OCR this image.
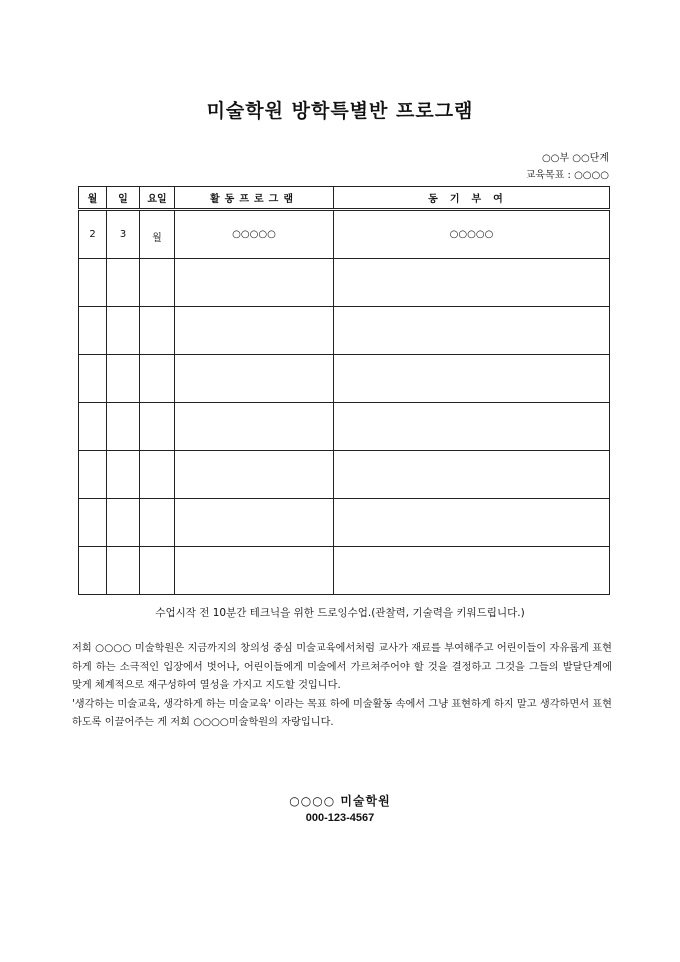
미술학원 방학특별반 프로그램
○○부 ○○단계
교육목표 : ○○○○
월	일	요일	활동프로그램	동기부여
2	3	월	○○○○○	○○○○○

수업시작 전 10분간 테크닉을 위한 드로잉수업.(관찰력, 기술력을 키워드립니다.)

저희 ○○○○ 미술학원은 지금까지의 창의성 중심 미술교육에서처럼 교사가 재료를 부여해주고 어린이들이 자유롭게 표현하게 하는 소극적인 입장에서 벗어나, 어린이들에게 미술에서 가르쳐주어야 할 것을 결정하고 그것을 그들의 발달단계에 맞게 체계적으로 재구성하여 열성을 가지고 지도할 것입니다.

'생각하는 미술교육, 생각하게 하는 미술교육' 이라는 목표 하에 미술활동 속에서 그냥 표현하게 하지 말고 생각하면서 표현하도록 이끌어주는 게 저희 ○○○○미술학원의 자랑입니다.

○○○○ 미술학원
000-123-4567
